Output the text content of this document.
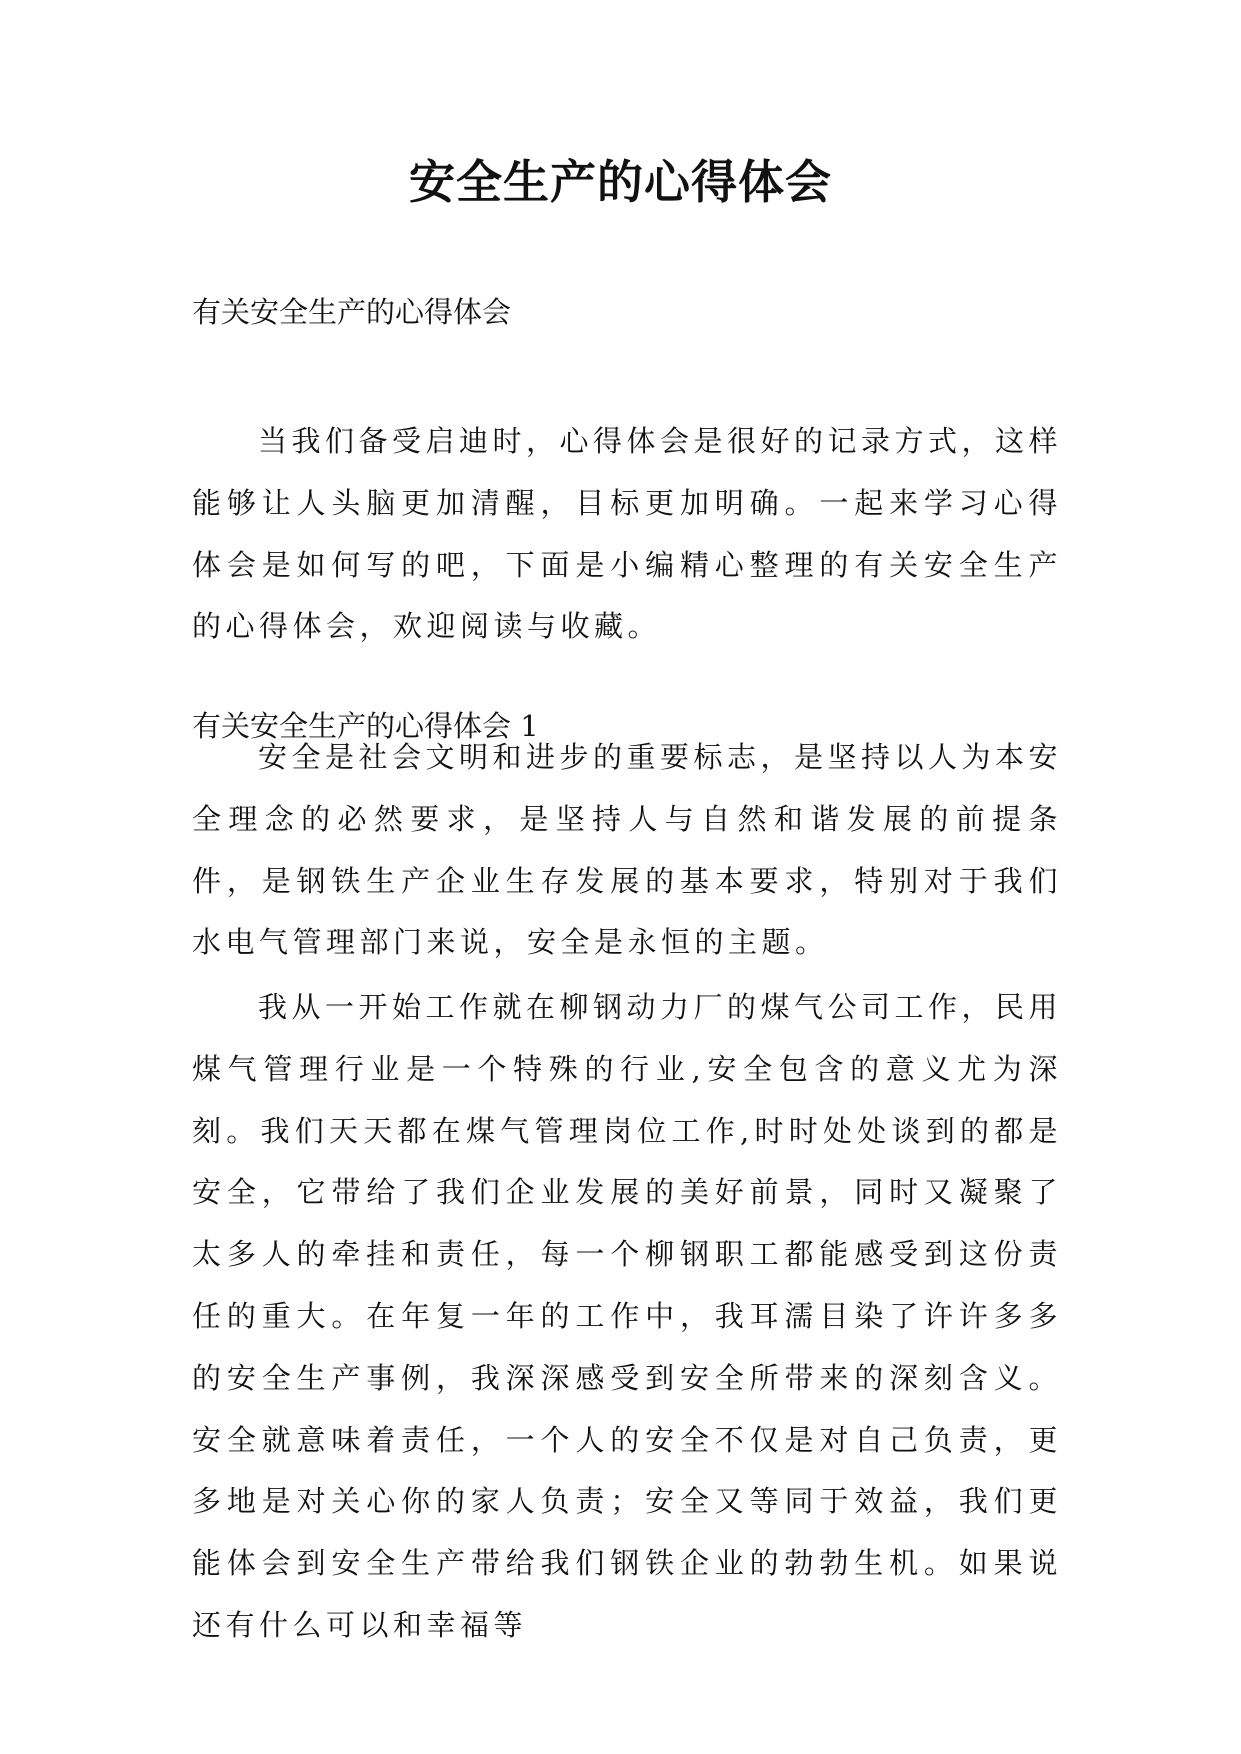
安全生产的心得体会

有关安全生产的心得体会

当我们备受启迪时，心得体会是很好的记录方式，这样能够让人头脑更加清醒，目标更加明确。一起来学习心得体会是如何写的吧，下面是小编精心整理的有关安全生产的心得体会，欢迎阅读与收藏。

有关安全生产的心得体会 1

安全是社会文明和进步的重要标志，是坚持以人为本安全理念的必然要求，是坚持人与自然和谐发展的前提条件，是钢铁生产企业生存发展的基本要求，特别对于我们水电气管理部门来说，安全是永恒的主题。

我从一开始工作就在柳钢动力厂的煤气公司工作，民用煤气管理行业是一个特殊的行业,安全包含的意义尤为深刻。我们天天都在煤气管理岗位工作,时时处处谈到的都是安全，它带给了我们企业发展的美好前景，同时又凝聚了太多人的牵挂和责任，每一个柳钢职工都能感受到这份责任的重大。在年复一年的工作中，我耳濡目染了许许多多的安全生产事例，我深深感受到安全所带来的深刻含义。安全就意味着责任，一个人的安全不仅是对自己负责，更多地是对关心你的家人负责；安全又等同于效益，我们更能体会到安全生产带给我们钢铁企业的勃勃生机。如果说还有什么可以和幸福等
